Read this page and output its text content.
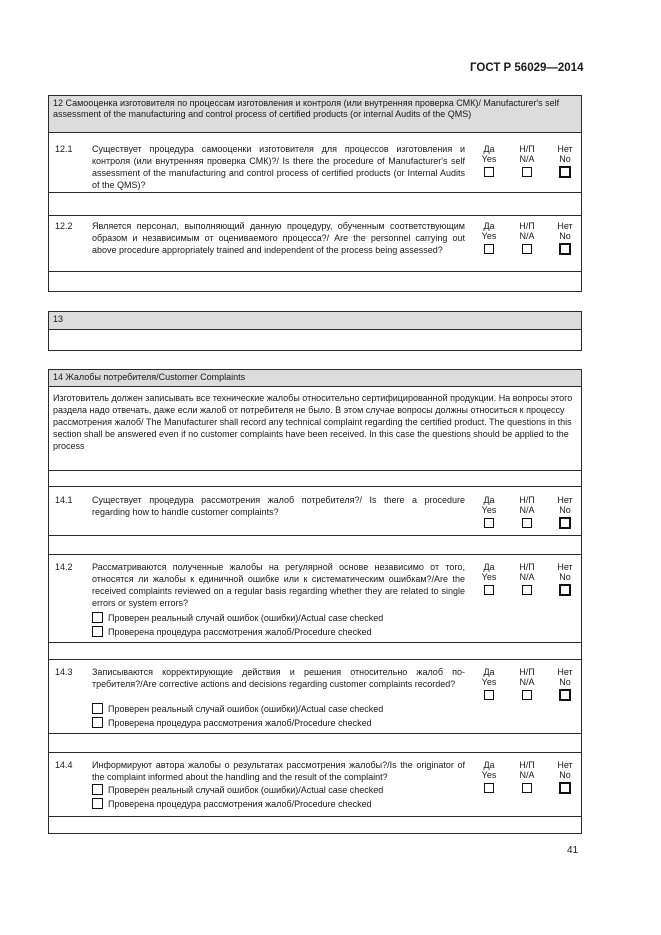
ГОСТ Р 56029—2014
12 Самооценка изготовителя по процессам изготовления и контроля (или внутренняя проверка СМК)/ Manufacturer's self assessment of the manufacturing and control process of certified products (or internal Audits of the QMS)
12.1 Существует процедура самооценки изготовителя для процессов изготовления и контроля (или внутренняя проверка СМК)?/ Is there the procedure of Manufacturer's self assessment of the manufacturing and control process of certified products (or Internal Audits of the QMS)?
Да
Yes
Н/П
N/A
Нет
No
12.2 Является персонал, выполняющий данную процедуру, обученным соответствующим образом и независимым от оцениваемого процесса?/ Are the personnel carrying out above procedure appropriately trained and independent of the process being assessed?
Да
Yes
Н/П
N/A
Нет
No
13
14 Жалобы потребителя/Customer Complaints
Изготовитель должен записывать все технические жалобы относительно сертифицированной продукции. На вопросы этого раздела надо отвечать, даже если жалоб от потребителя не было. В этом случае вопросы должны относиться к процессу рассмотрения жалоб/ The Manufacturer shall record any technical complaint regarding the certified product. The questions in this section shall be answered even if no customer complaints have been received. In this case the questions should be applied to the process
14.1 Существует процедура рассмотрения жалоб потребителя?/ Is there a procedure regarding how to handle customer complaints?
Да
Yes
Н/П
N/A
Нет
No
14.2 Рассматриваются полученные жалобы на регулярной основе независимо от того, относятся ли жалобы к единичной ошибке или к систематическим ошибкам?/Are the received complaints reviewed on a regular basis regarding whether they are related to single errors or system errors?
Да
Yes
Н/П
N/A
Нет
No
Проверен реальный случай ошибок (ошибки)/Actual case checked
Проверена процедура рассмотрения жалоб/Procedure checked
14.3 Записываются корректирующие действия и решения относительно жалоб потребителя?/Are corrective actions and decisions regarding customer complaints recorded?
Да
Yes
Н/П
N/A
Нет
No
Проверен реальный случай ошибок (ошибки)/Actual case checked
Проверена процедура рассмотрения жалоб/Procedure checked
14.4 Информируют автора жалобы о результатах рассмотрения жалобы?/Is the originator of the complaint informed about the handling and the result of the complaint?
Да
Yes
Н/П
N/A
Нет
No
Проверен реальный случай ошибок (ошибки)/Actual case checked
Проверена процедура рассмотрения жалоб/Procedure checked
41
